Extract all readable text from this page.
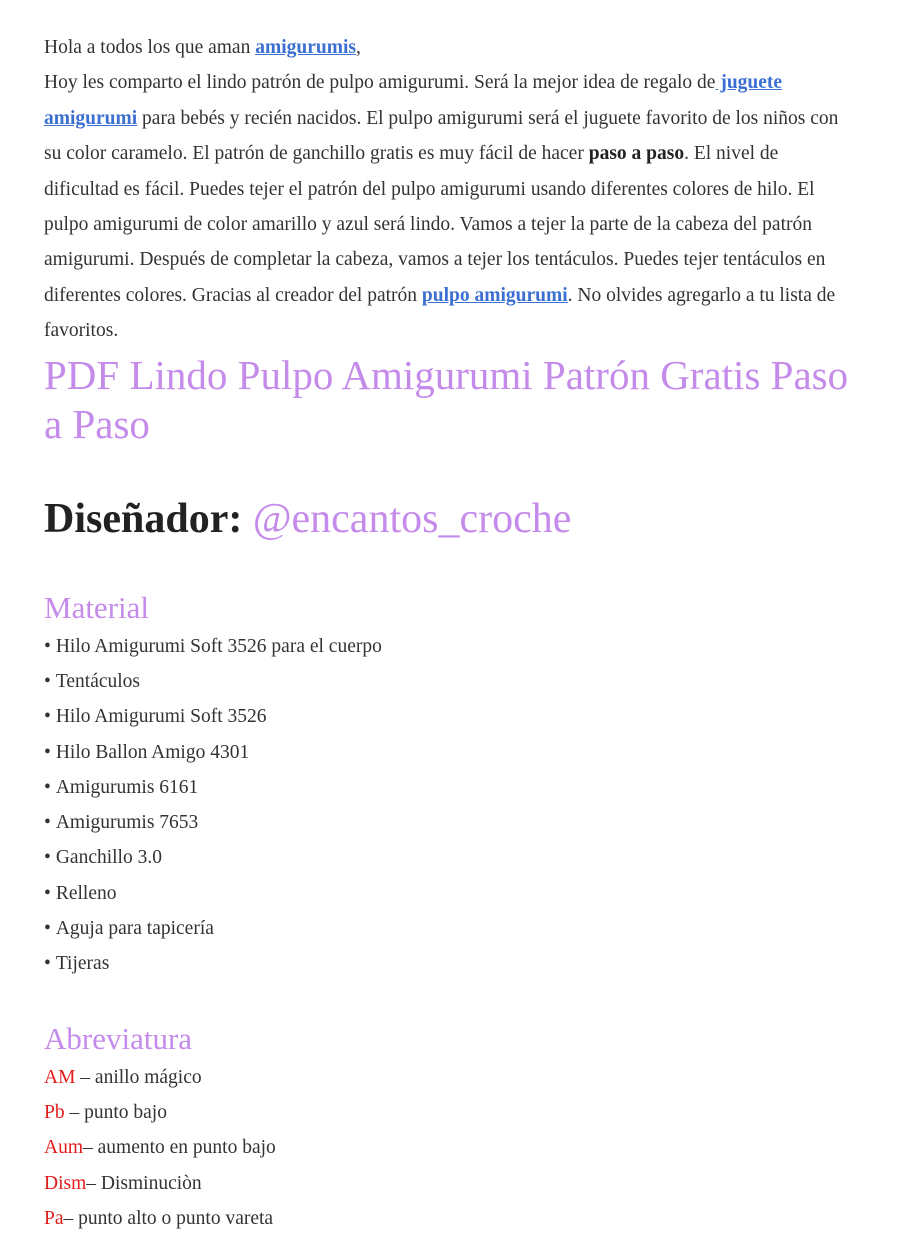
Hola a todos los que aman amigurumis,
Hoy les comparto el lindo patrón de pulpo amigurumi. Será la mejor idea de regalo de juguete amigurumi para bebés y recién nacidos. El pulpo amigurumi será el juguete favorito de los niños con su color caramelo. El patrón de ganchillo gratis es muy fácil de hacer paso a paso. El nivel de dificultad es fácil. Puedes tejer el patrón del pulpo amigurumi usando diferentes colores de hilo. El pulpo amigurumi de color amarillo y azul será lindo. Vamos a tejer la parte de la cabeza del patrón amigurumi. Después de completar la cabeza, vamos a tejer los tentáculos. Puedes tejer tentáculos en diferentes colores. Gracias al creador del patrón pulpo amigurumi. No olvides agregarlo a tu lista de favoritos.
PDF Lindo Pulpo Amigurumi Patrón Gratis Paso a Paso
Diseñador: @encantos_croche
Material
• Hilo Amigurumi Soft 3526 para el cuerpo
• Tentáculos
• Hilo Amigurumi Soft 3526
• Hilo Ballon Amigo 4301
• Amigurumis 6161
• Amigurumis 7653
• Ganchillo 3.0
• Relleno
• Aguja para tapicería
• Tijeras
Abreviatura
AM – anillo mágico
Pb – punto bajo
Aum– aumento en punto bajo
Dism– Disminuciòn
Pa– punto alto o punto vareta
